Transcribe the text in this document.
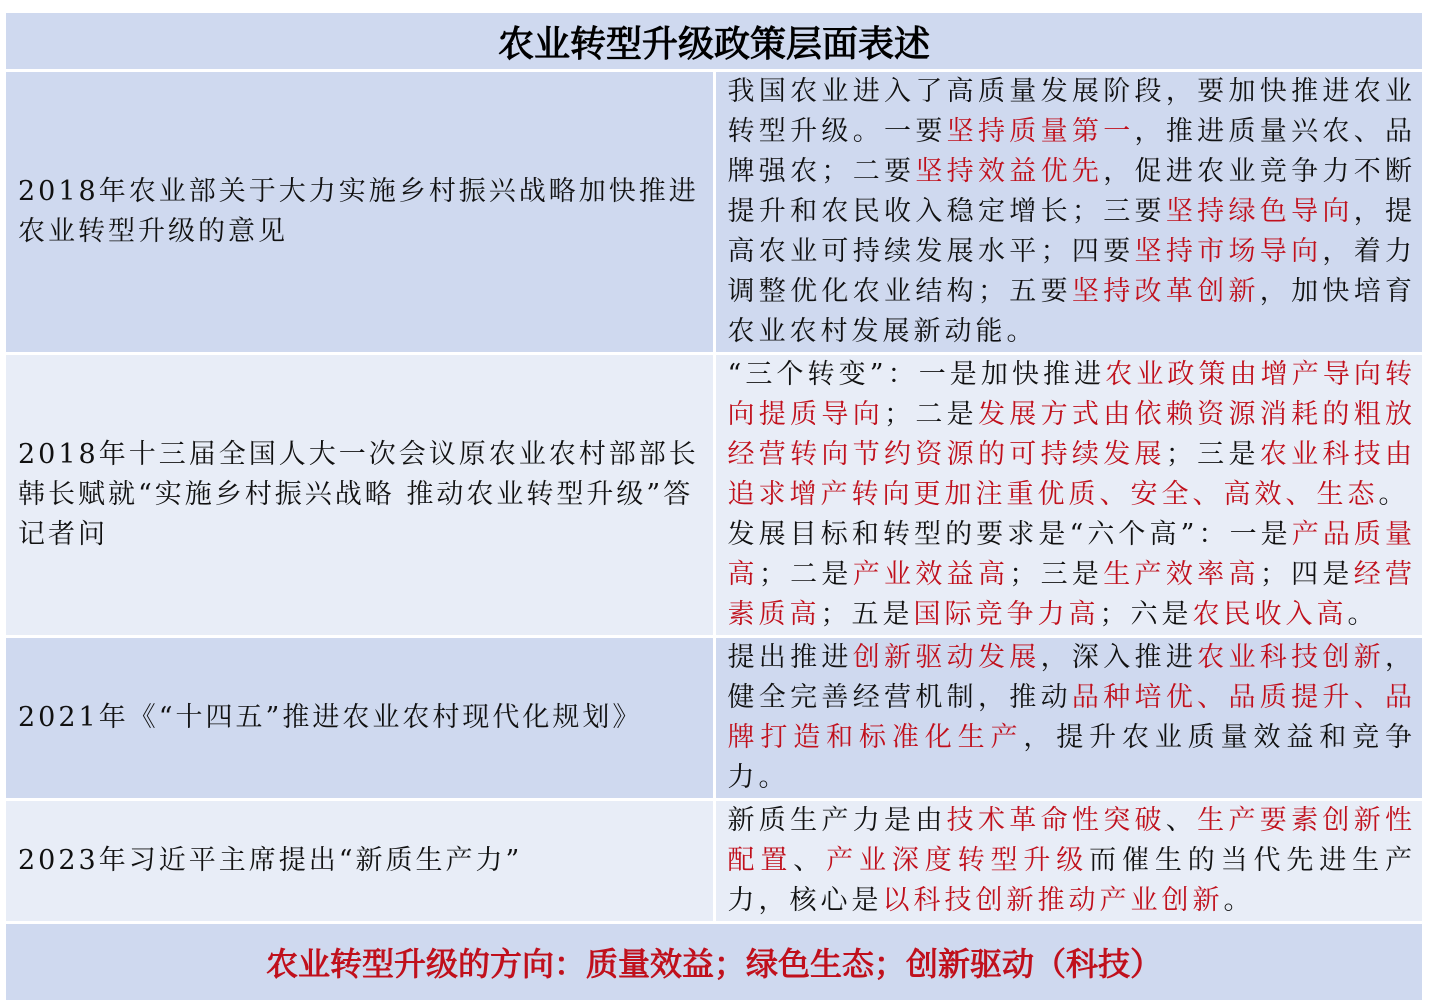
农业转型升级政策层面表述	
2018年农业部关于大力实施乡村振兴战略加快推进农业转型升级的意见	我国农业进入了高质量发展阶段，要加快推进农业转型升级。一要坚持质量第一，推进质量兴农、品牌强农；二要坚持效益优先，促进农业竞争力不断提升和农民收入稳定增长；三要坚持绿色导向，提高农业可持续发展水平；四要坚持市场导向，着力调整优化农业结构；五要坚持改革创新，加快培育农业农村发展新动能。
2018年十三届全国人大一次会议原农业农村部部长韩长赋就“实施乡村振兴战略 推动农业转型升级”答记者问	“三个转变”：一是加快推进农业政策由增产导向转向提质导向；二是发展方式由依赖资源消耗的粗放经营转向节约资源的可持续发展；三是农业科技由追求增产转向更加注重优质、安全、高效、生态。
发展目标和转型的要求是“六个高”：一是产品质量高；二是产业效益高；三是生产效率高；四是经营素质高；五是国际竞争力高；六是农民收入高。
2021年《“十四五”推进农业农村现代化规划》	提出推进创新驱动发展，深入推进农业科技创新，健全完善经营机制，推动品种培优、品质提升、品牌打造和标准化生产，提升农业质量效益和竞争力。
2023年习近平主席提出“新质生产力”	新质生产力是由技术革命性突破、生产要素创新性配置、产业深度转型升级而催生的当代先进生产力，核心是以科技创新推动产业创新。
农业转型升级的方向：质量效益；绿色生态；创新驱动（科技）	
